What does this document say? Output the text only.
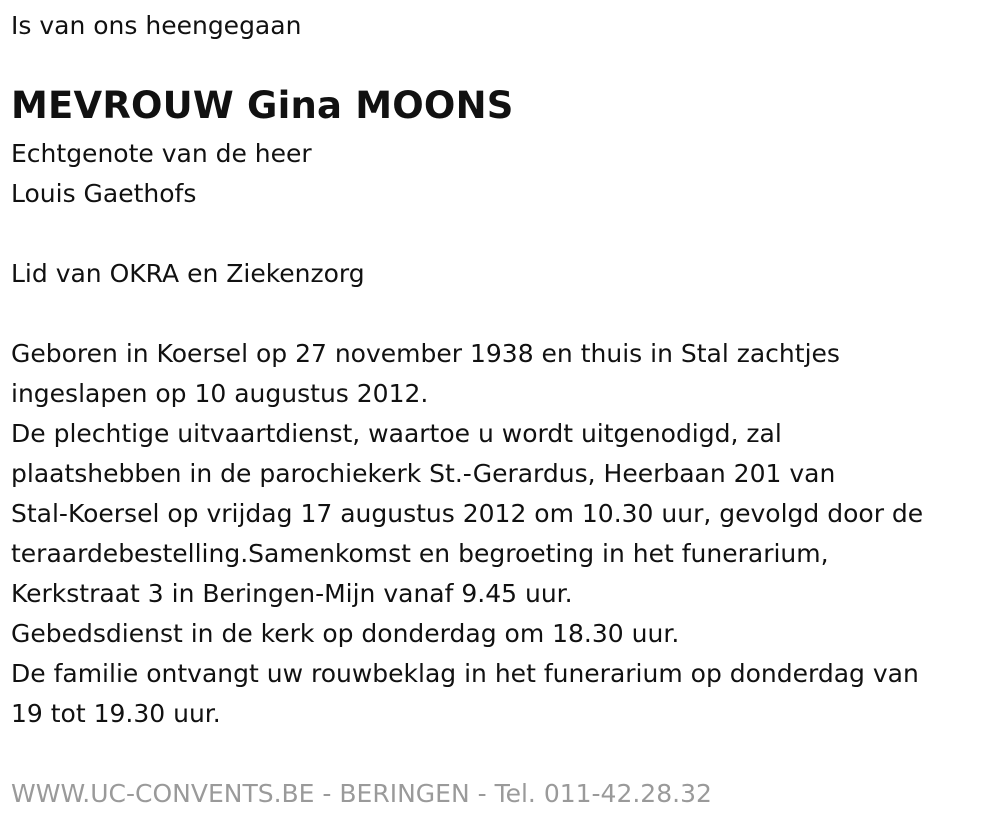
Is van ons heengegaan

MEVROUW Gina MOONS

Echtgenote van de heer

Louis Gaethofs

Lid van OKRA en Ziekenzorg

Geboren in Koersel op 27 november 1938 en thuis in Stal zachtjes

ingeslapen op 10 augustus 2012.

De plechtige uitvaartdienst, waartoe u wordt uitgenodigd, zal

plaatshebben in de parochiekerk St.-Gerardus, Heerbaan 201 van

Stal-Koersel op vrijdag 17 augustus 2012 om 10.30 uur, gevolgd door de

teraardebestelling.Samenkomst en begroeting in het funerarium,

Kerkstraat 3 in Beringen-Mijn vanaf 9.45 uur.

Gebedsdienst in de kerk op donderdag om 18.30 uur.

De familie ontvangt uw rouwbeklag in het funerarium op donderdag van

19 tot 19.30 uur.

WWW.UC-CONVENTS.BE - BERINGEN - Tel. 011-42.28.32
